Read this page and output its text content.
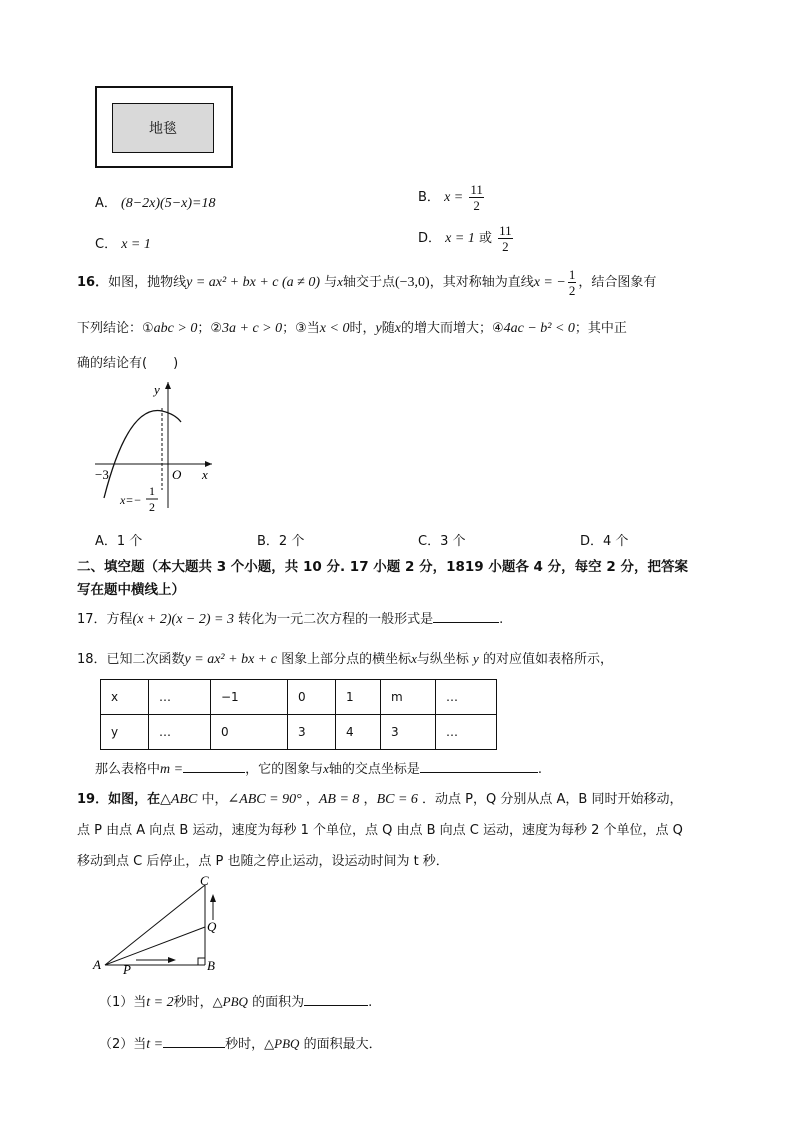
地毯
A． (8−2x)(5−x)=18	B． $x = \frac{11}{2}$
C． x = 1	D． x = 1 或 $\frac{11}{2}$
16．如图，抛物线y = ax² + bx + c (a ≠ 0) 与x轴交于点(−3,0)，其对称轴为直线x = − $\frac{1}{2}$ ，结合图象有
下列结论：①abc > 0；②3a + c > 0；③当x < 0时，y随x的增大而增大；④4ac − b² < 0；其中正
确的结论有(　　)
y
x
O
−3
x=−
1
2
A．1 个	B．2 个	C．3 个	D．4 个
二、填空题（本大题共 3 个小题，共 10 分. 17 小题 2 分，1819 小题各 4 分，每空 2 分，把答案
写在题中横线上）
17．方程(x + 2)(x − 2) = 3 转化为一元二次方程的一般形式是	.
18．已知二次函数y = ax² + bx + c 图象上部分点的横坐标x与纵坐标 y 的对应值如表格所示，
x	…	−1	0	1	m	…
y	…	0	3	4	3	…
那么表格中m =	，它的图象与x轴的交点坐标是	.
19．如图，在△ABC 中，∠ABC = 90° ，AB = 8 ，BC = 6 ．动点 P，Q 分别从点 A，B 同时开始移动，
点 P 由点 A 向点 B 运动，速度为每秒 1 个单位，点 Q 由点 B 向点 C 运动，速度为每秒 2 个单位，点 Q
移动到点 C 后停止，点 P 也随之停止运动，设运动时间为 t 秒．
A	B
C
P
Q
（1）当t = 2秒时，△PBQ 的面积为	.
（2）当t =	秒时，△PBQ 的面积最大．
